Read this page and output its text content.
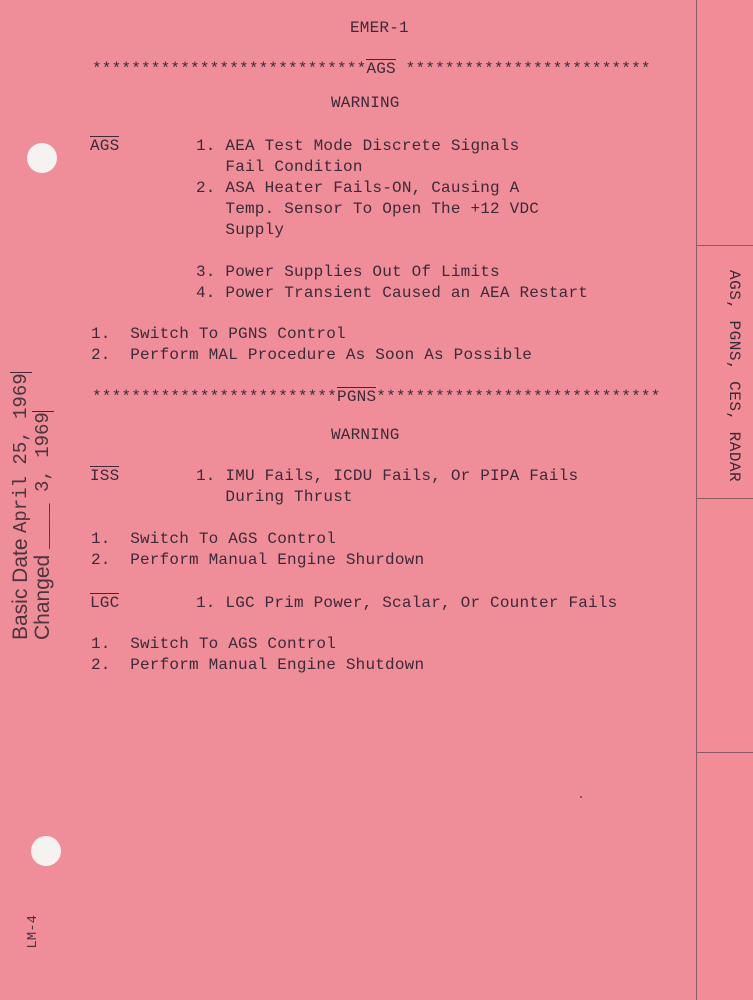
AGS, PGNS, CES, RADAR
EMER-1
****************************AGS *************************
WARNING
AGS	1. AEA Test Mode Discrete Signals
Fail Condition
2. ASA Heater Fails-ON, Causing A
Temp. Sensor To Open The +12 VDC
Supply
3. Power Supplies Out Of Limits
4. Power Transient Caused an AEA Restart
1.  Switch To PGNS Control
2.  Perform MAL Procedure As Soon As Possible
*************************PGNS*****************************
WARNING
ISS	1. IMU Fails, ICDU Fails, Or PIPA Fails
During Thrust
1.  Switch To AGS Control
2.  Perform Manual Engine Shurdown
LGC	1. LGC Prim Power, Scalar, Or Counter Fails
1.  Switch To AGS Control
2.  Perform Manual Engine Shutdown
Basic Date April 25, 1969
Changed ____ 3, 1969
LM-4
